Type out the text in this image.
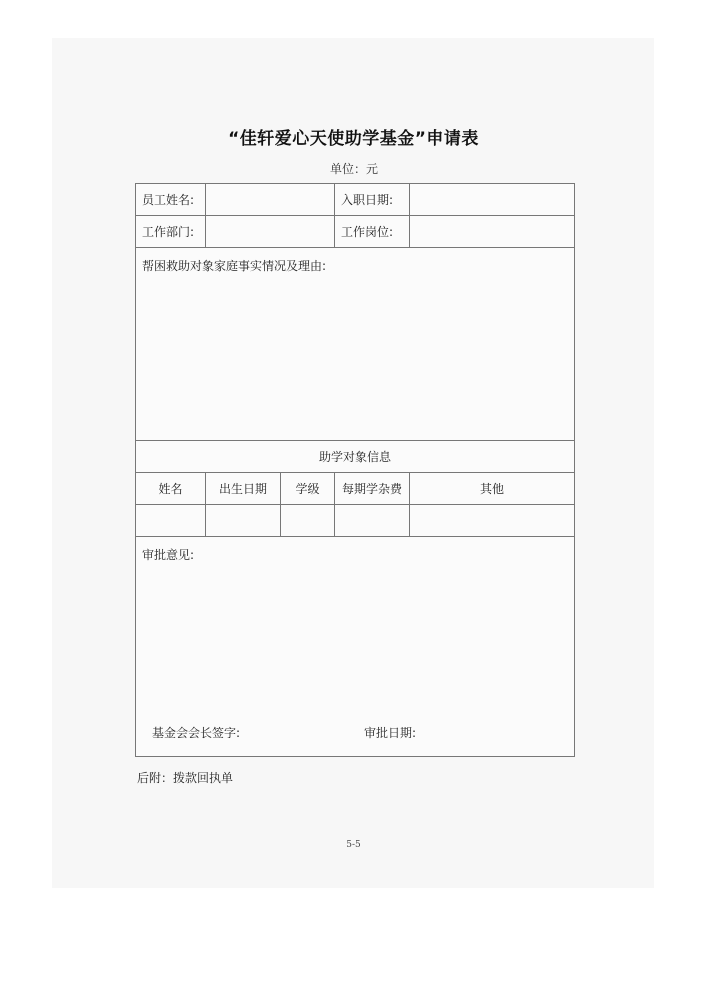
“佳轩爱心天使助学基金”申请表
单位：元
员工姓名:			入职日期:	
工作部门:			工作岗位:	
帮困救助对象家庭事实情况及理由:				
助学对象信息				
姓名	出生日期	学级	每期学杂费	其他

审批意见:
基金会会长签字: 审批日期:				
后附：拨款回执单
5-5
